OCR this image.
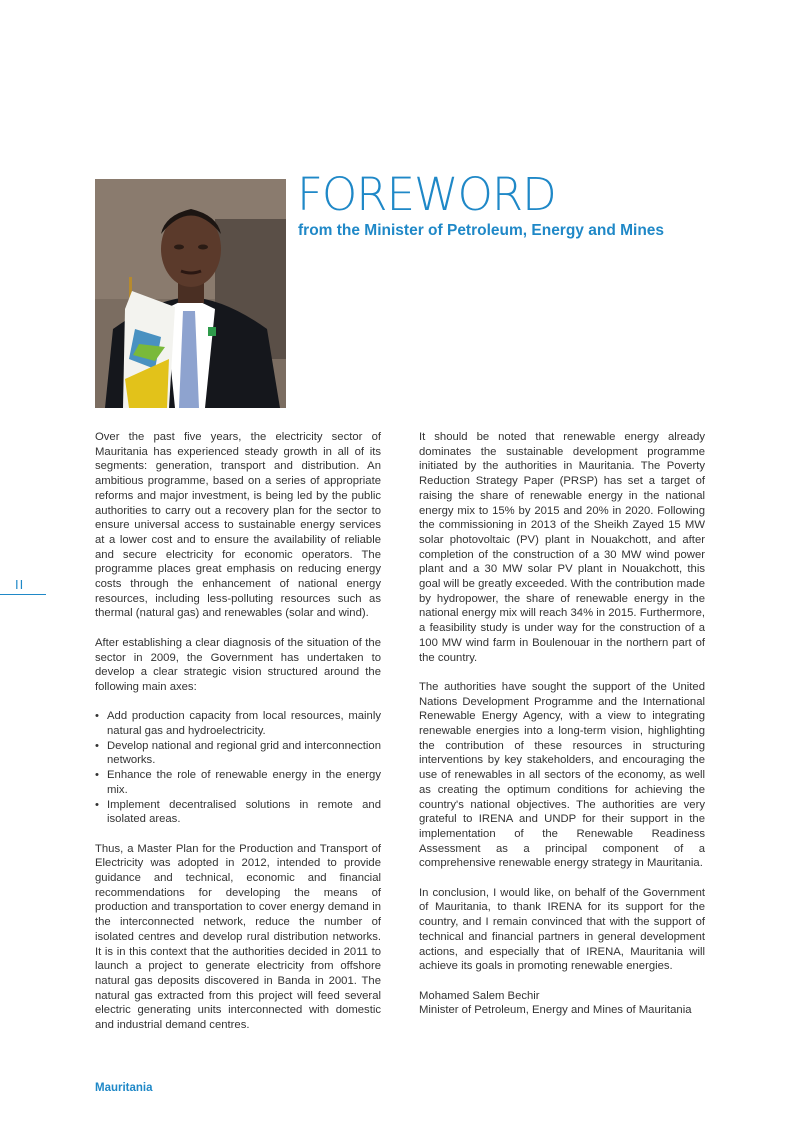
FOREWORD
from the Minister of Petroleum, Energy and Mines
II

Over the past five years, the electricity sector of Mauritania has experienced steady growth in all of its segments: generation, transport and distribution. An ambitious programme, based on a series of appropriate reforms and major investment, is being led by the public authorities to carry out a recovery plan for the sector to ensure universal access to sustainable energy services at a lower cost and to ensure the availability of reliable and secure electricity for economic operators. The programme places great emphasis on reducing energy costs through the enhancement of national energy resources, including less-polluting resources such as thermal (natural gas) and renewables (solar and wind).

After establishing a clear diagnosis of the situation of the sector in 2009, the Government has undertaken to develop a clear strategic vision structured around the following main axes:

• Add production capacity from local resources, mainly natural gas and hydroelectricity.
• Develop national and regional grid and interconnection networks.
• Enhance the role of renewable energy in the energy mix.
• Implement decentralised solutions in remote and isolated areas.

Thus, a Master Plan for the Production and Transport of Electricity was adopted in 2012, intended to provide guidance and technical, economic and financial recommendations for developing the means of production and transportation to cover energy demand in the interconnected network, reduce the number of isolated centres and develop rural distribution networks. It is in this context that the authorities decided in 2011 to launch a project to generate electricity from offshore natural gas deposits discovered in Banda in 2001. The natural gas extracted from this project will feed several electric generating units interconnected with domestic and industrial demand centres.

It should be noted that renewable energy already dominates the sustainable development programme initiated by the authorities in Mauritania. The Poverty Reduction Strategy Paper (PRSP) has set a target of raising the share of renewable energy in the national energy mix to 15% by 2015 and 20% in 2020. Following the commissioning in 2013 of the Sheikh Zayed 15 MW solar photovoltaic (PV) plant in Nouakchott, and after completion of the construction of a 30 MW wind power plant and a 30 MW solar PV plant in Nouakchott, this goal will be greatly exceeded. With the contribution made by hydropower, the share of renewable energy in the national energy mix will reach 34% in 2015. Furthermore, a feasibility study is under way for the construction of a 100 MW wind farm in Boulenouar in the northern part of the country.

The authorities have sought the support of the United Nations Development Programme and the International Renewable Energy Agency, with a view to integrating renewable energies into a long-term vision, highlighting the contribution of these resources in structuring interventions by key stakeholders, and encouraging the use of renewables in all sectors of the economy, as well as creating the optimum conditions for achieving the country's national objectives. The authorities are very grateful to IRENA and UNDP for their support in the implementation of the Renewable Readiness Assessment as a principal component of a comprehensive renewable energy strategy in Mauritania.

In conclusion, I would like, on behalf of the Government of Mauritania, to thank IRENA for its support for the country, and I remain convinced that with the support of technical and financial partners in general development actions, and especially that of IRENA, Mauritania will achieve its goals in promoting renewable energies.

Mohamed Salem Bechir

Minister of Petroleum, Energy and Mines of Mauritania

Mauritania
